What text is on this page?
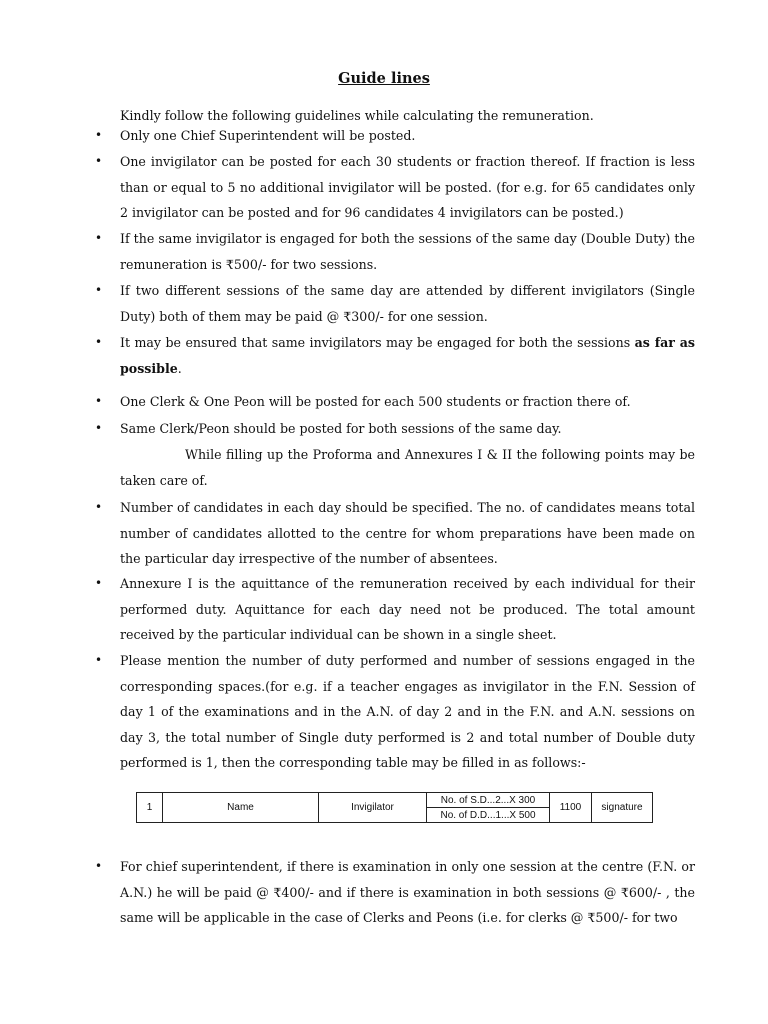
Guide lines
Kindly follow the following guidelines while calculating the remuneration.
• Only one Chief Superintendent will be posted.
• One invigilator can be posted for each 30 students or fraction thereof. If fraction is less than or equal to 5 no additional invigilator will be posted. (for e.g. for 65 candidates only 2 invigilator can be posted and for 96 candidates 4 invigilators can be posted.)
• If the same invigilator is engaged for both the sessions of the same day (Double Duty) the remuneration is ₹500/- for two sessions.
• If two different sessions of the same day are attended by different invigilators (Single Duty) both of them may be paid @ ₹300/- for one session.
• It may be ensured that same invigilators may be engaged for both the sessions as far as possible.
• One Clerk & One Peon will be posted for each 500 students or fraction there of.
• Same Clerk/Peon should be posted for both sessions of the same day.
While filling up the Proforma and Annexures I & II the following points may be taken care of.
• Number of candidates in each day should be specified. The no. of candidates means total number of candidates allotted to the centre for whom preparations have been made on the particular day irrespective of the number of absentees.
• Annexure I is the aquittance of the remuneration received by each individual for their performed duty. Aquittance for each day need not be produced. The total amount received by the particular individual can be shown in a single sheet.
• Please mention the number of duty performed and number of sessions engaged in the corresponding spaces.(for e.g. if a teacher engages as invigilator in the F.N. Session of day 1 of the examinations and in the A.N. of day 2 and in the F.N. and A.N. sessions on day 3, the total number of Single duty performed is 2 and total number of Double duty performed is 1, then the corresponding table may be filled in as follows:-
1	Name	Invigilator	No. of S.D...2...X 300	1100	signature
No. of D.D...1...X 500
• For chief superintendent, if there is examination in only one session at the centre (F.N. or A.N.) he will be paid @ ₹400/- and if there is examination in both sessions @ ₹600/- , the same will be applicable in the case of Clerks and Peons (i.e. for clerks @ ₹500/- for two
